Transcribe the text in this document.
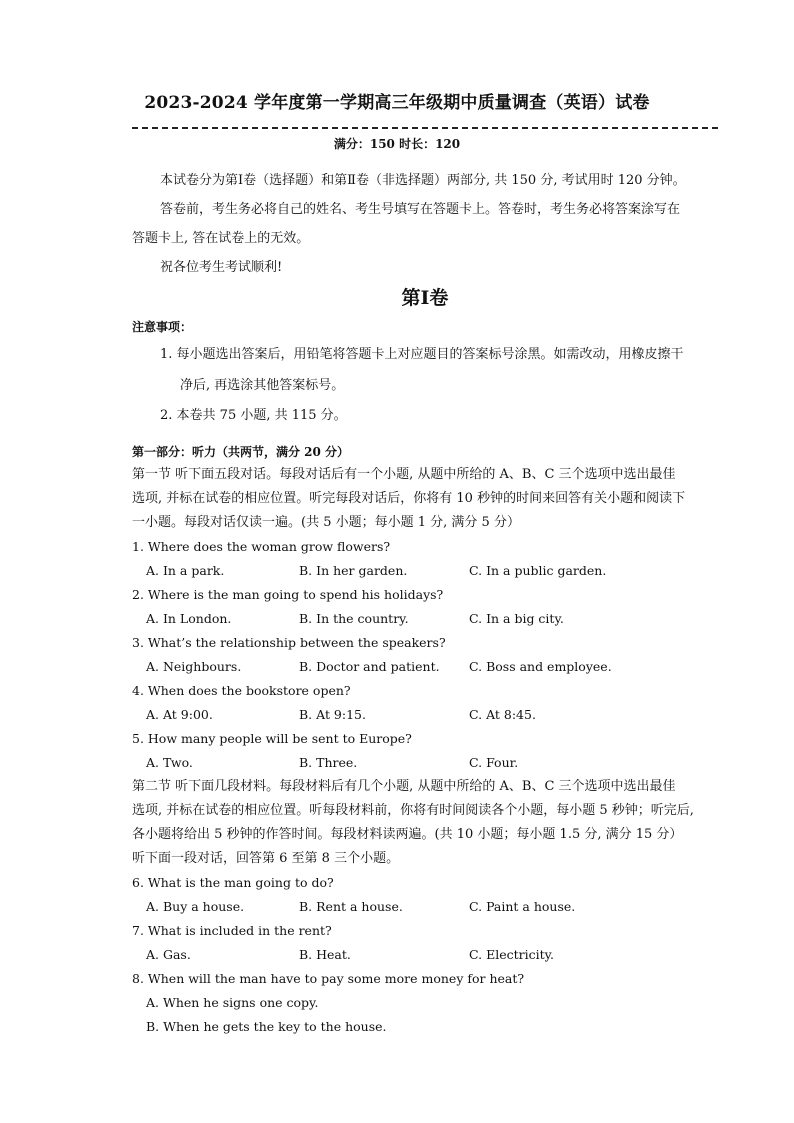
2023-2024 学年度第一学期高三年级期中质量调查（英语）试卷
满分：150 时长：120
本试卷分为第Ⅰ卷（选择题）和第Ⅱ卷（非选择题）两部分, 共 150 分, 考试用时 120 分钟。
答卷前，考生务必将自己的姓名、考生号填写在答题卡上。答卷时，考生务必将答案涂写在
答题卡上, 答在试卷上的无效。
祝各位考生考试顺利!
第Ⅰ卷
注意事项：
1. 每小题选出答案后，用铅笔将答题卡上对应题目的答案标号涂黑。如需改动，用橡皮擦干
净后, 再选涂其他答案标号。
2. 本卷共 75 小题, 共 115 分。
第一部分：听力（共两节，满分 20 分）
第一节 听下面五段对话。每段对话后有一个小题, 从题中所给的 A、B、C 三个选项中选出最佳
选项, 并标在试卷的相应位置。听完每段对话后，你将有 10 秒钟的时间来回答有关小题和阅读下
一小题。每段对话仅读一遍。(共 5 小题；每小题 1 分, 满分 5 分）
1. Where does the woman grow flowers?
A. In a park.	B. In her garden.	C. In a public garden.
2. Where is the man going to spend his holidays?
A. In London.	B. In the country.	C. In a big city.
3. What’s the relationship between the speakers?
A. Neighbours.	B. Doctor and patient. C. Boss and employee.
4. When does the bookstore open?
A. At 9:00.	B. At 9:15.	C. At 8:45.
5. How many people will be sent to Europe?
A. Two.	B. Three.	C. Four.
第二节 听下面几段材料。每段材料后有几个小题, 从题中所给的 A、B、C 三个选项中选出最佳
选项, 并标在试卷的相应位置。听每段材料前，你将有时间阅读各个小题，每小题 5 秒钟；听完后,
各小题将给出 5 秒钟的作答时间。每段材料读两遍。(共 10 小题；每小题 1.5 分, 满分 15 分）
听下面一段对话，回答第 6 至第 8 三个小题。
6. What is the man going to do?
A. Buy a house.	B. Rent a house.	C. Paint a house.
7. What is included in the rent?
A. Gas.	B. Heat.	C. Electricity.
8. When will the man have to pay some more money for heat?
A. When he signs one copy.
B. When he gets the key to the house.
